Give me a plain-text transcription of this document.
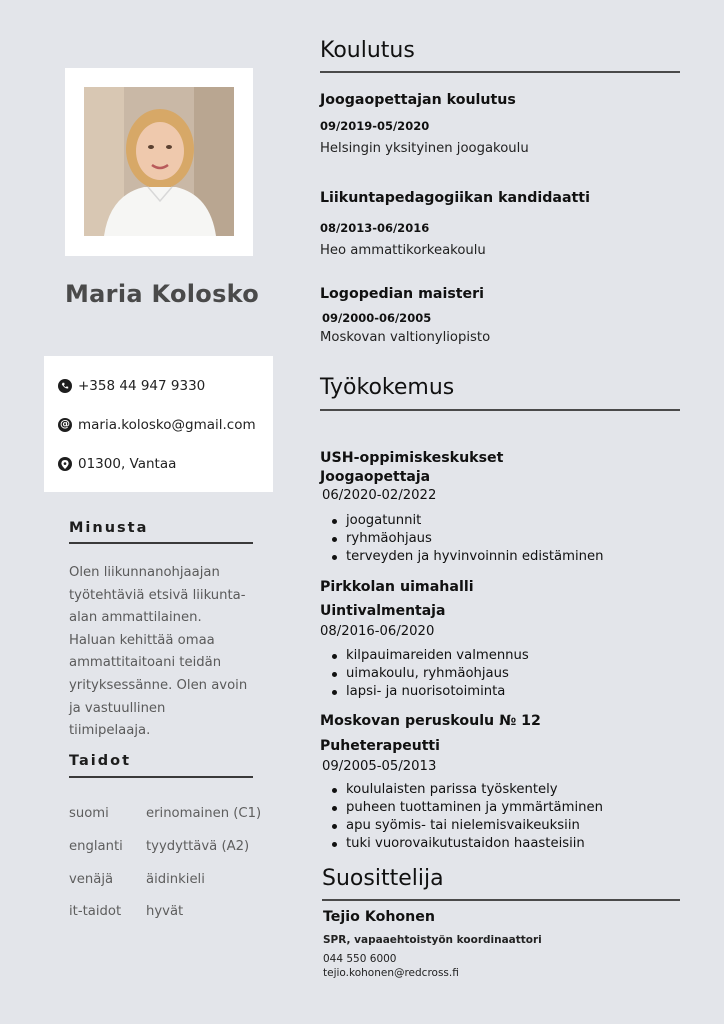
Maria Kolosko
+358 44 947 9330
@ maria.kolosko@gmail.com
01300, Vantaa
Minusta
Olen liikunnanohjaajan
työtehtäviä etsivä liikunta-
alan ammattilainen.
Haluan kehittää omaa
ammattitaitoani teidän
yrityksessänne. Olen avoin
ja vastuullinen
tiimipelaaja.
Taidot
suomi	erinomainen (C1)
englanti tyydyttävä (A2)
venäjä äidinkieli
it-taidot hyvät
Koulutus
Joogaopettajan koulutus
09/2019-05/2020
Helsingin yksityinen joogakoulu
Liikuntapedagogiikan kandidaatti
08/2013-06/2016
Heo ammattikorkeakoulu
Logopedian maisteri
09/2000-06/2005
Moskovan valtionyliopisto
Työkokemus
USH-oppimiskeskukset
Joogaopettaja
06/2020-02/2022
joogatunnit
ryhmäohjaus
terveyden ja hyvinvoinnin edistäminen
Pirkkolan uimahalli
Uintivalmentaja
08/2016-06/2020
kilpauimareiden valmennus
uimakoulu, ryhmäohjaus
lapsi- ja nuorisotoiminta
Moskovan peruskoulu № 12
Puheterapeutti
09/2005-05/2013
koululaisten parissa työskentely
puheen tuottaminen ja ymmärtäminen
apu syömis- tai nielemisvaikeuksiin
tuki vuorovaikutustaidon haasteisiin
Suosittelija
Tejio Kohonen
SPR, vapaaehtoistyön koordinaattori
044 550 6000
tejio.kohonen@redcross.fi
